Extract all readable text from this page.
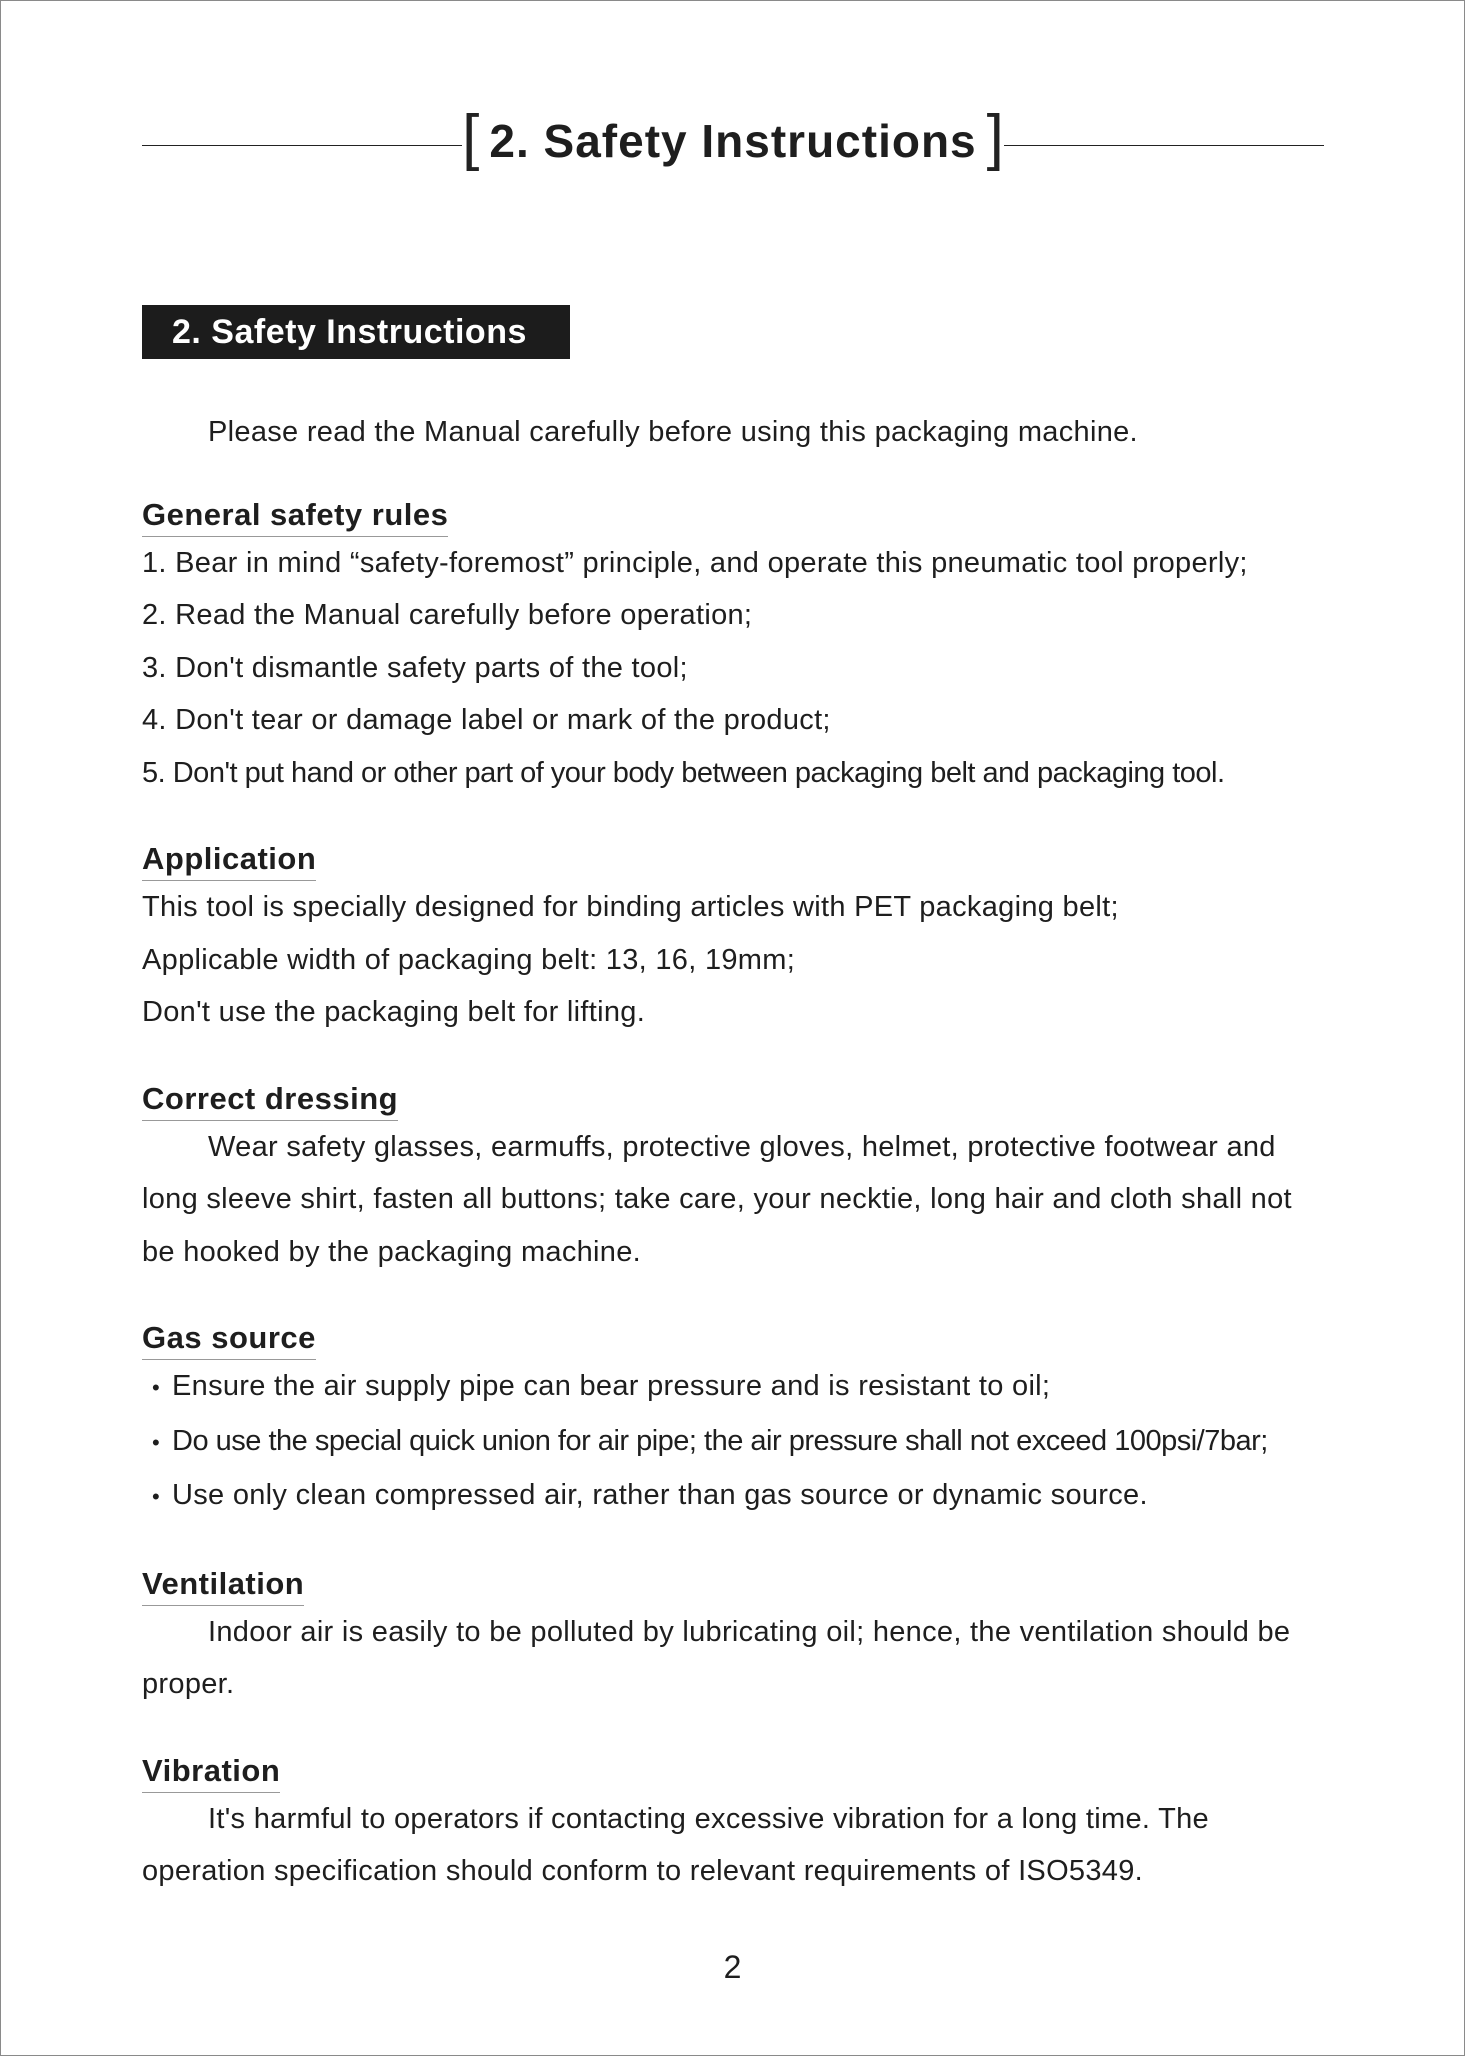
[ 2. Safety Instructions ]
2. Safety Instructions

Please read the Manual carefully before using this packaging machine.

General safety rules

1. Bear in mind “safety-foremost” principle, and operate this pneumatic tool properly;

2. Read the Manual carefully before operation;

3. Don't dismantle safety parts of the tool;

4. Don't tear or damage label or mark of the product;

5. Don't put hand or other part of your body between packaging belt and packaging tool.

Application

This tool is specially designed for binding articles with PET packaging belt;

Applicable width of packaging belt: 13, 16, 19mm;

Don't use the packaging belt for lifting.

Correct dressing

Wear safety glasses, earmuffs, protective gloves, helmet, protective footwear and long sleeve shirt, fasten all buttons; take care, your necktie, long hair and cloth shall not be hooked by the packaging machine.

Gas source

• Ensure the air supply pipe can bear pressure and is resistant to oil;

• Do use the special quick union for air pipe; the air pressure shall not exceed 100psi/7bar;

• Use only clean compressed air, rather than gas source or dynamic source.

Ventilation

Indoor air is easily to be polluted by lubricating oil; hence, the ventilation should be proper.

Vibration

It's harmful to operators if contacting excessive vibration for a long time. The operation specification should conform to relevant requirements of ISO5349.

2
